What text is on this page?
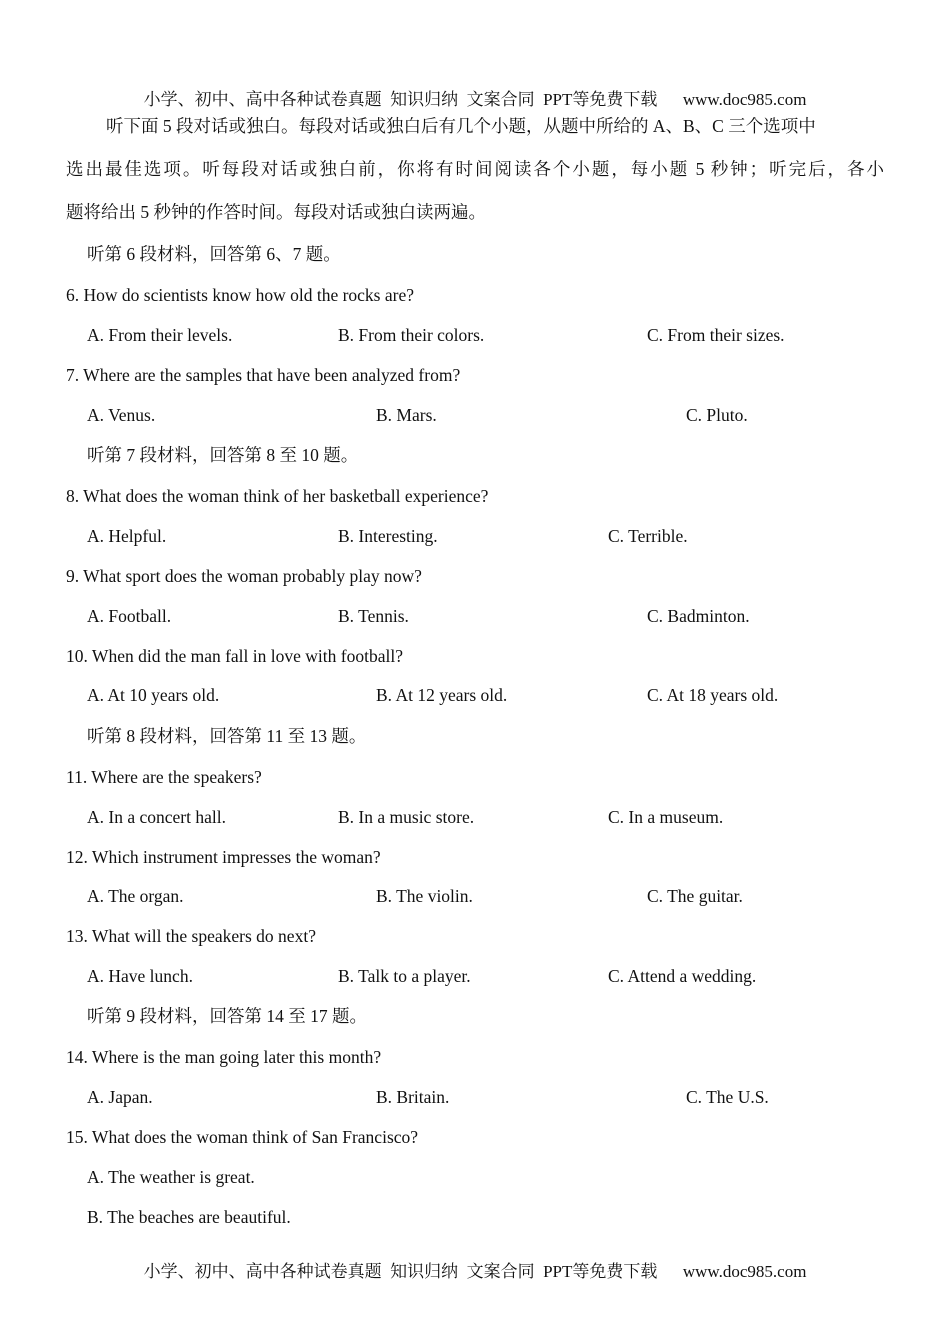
小学、初中、高中各种试卷真题  知识归纳  文案合同  PPT等免费下载      www.doc985.com
听下面 5 段对话或独白。每段对话或独白后有几个小题，从题中所给的 A、B、C 三个选项中
选出最佳选项。听每段对话或独白前，你将有时间阅读各个小题，每小题 5 秒钟；听完后，各小
题将给出 5 秒钟的作答时间。每段对话或独白读两遍。
听第 6 段材料，回答第 6、7 题。
6. How do scientists know how old the rocks are?
A. From their levels.	B. From their colors.	C. From their sizes.
7. Where are the samples that have been analyzed from?
A. Venus.	B. Mars.	C. Pluto.
听第 7 段材料，回答第 8 至 10 题。
8. What does the woman think of her basketball experience?
A. Helpful.	B. Interesting.	C. Terrible.
9. What sport does the woman probably play now?
A. Football.	B. Tennis.	C. Badminton.
10. When did the man fall in love with football?
A. At 10 years old.	B. At 12 years old.	C. At 18 years old.
听第 8 段材料，回答第 11 至 13 题。
11. Where are the speakers?
A. In a concert hall.	B. In a music store.	C. In a museum.
12. Which instrument impresses the woman?
A. The organ.	B. The violin.	C. The guitar.
13. What will the speakers do next?
A. Have lunch.	B. Talk to a player.	C. Attend a wedding.
听第 9 段材料，回答第 14 至 17 题。
14. Where is the man going later this month?
A. Japan.	B. Britain.	C. The U.S.
15. What does the woman think of San Francisco?
A. The weather is great.
B. The beaches are beautiful.
小学、初中、高中各种试卷真题  知识归纳  文案合同  PPT等免费下载      www.doc985.com
